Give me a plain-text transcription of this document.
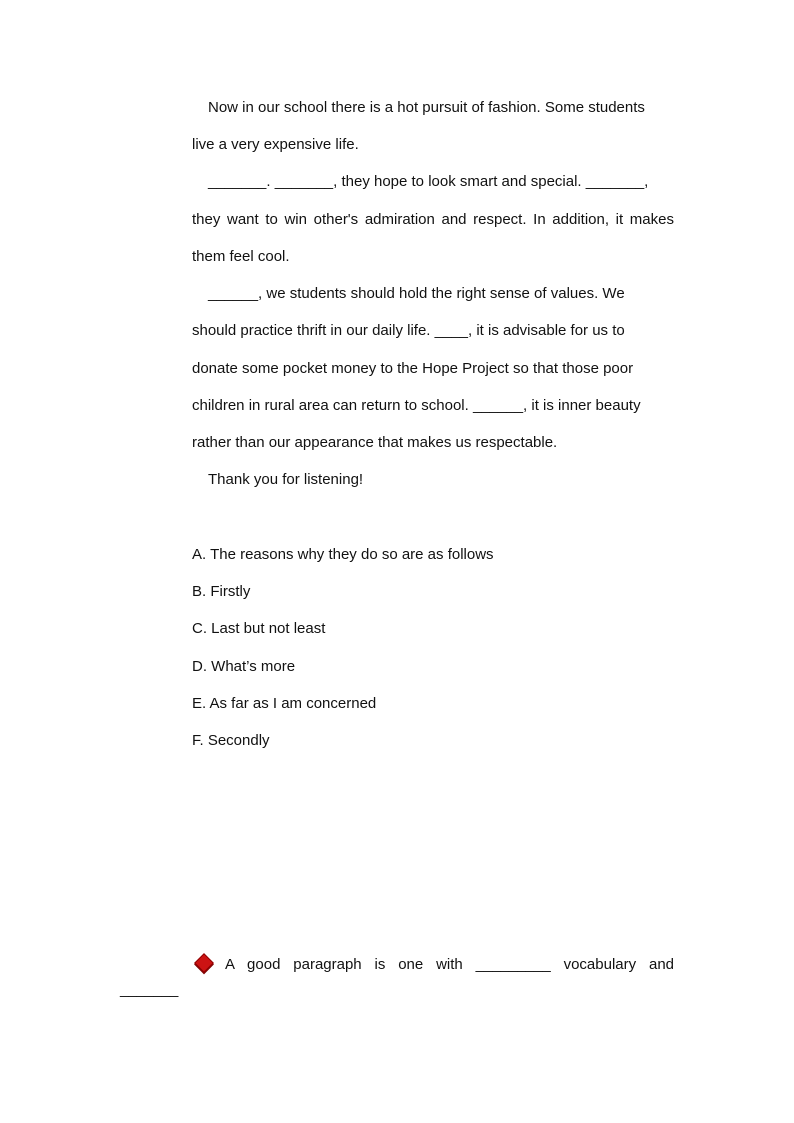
Now in our school there is a hot pursuit of fashion. Some students
live a very expensive life.
_______. _______, they hope to look smart and special. _______,
they want to win other's admiration and respect. In addition, it makes
them feel cool.
______, we students should hold the right sense of values. We
should practice thrift in our daily life. ____, it is advisable for us to
donate some pocket money to the Hope Project so that those poor
children in rural area can return to school. ______, it is inner beauty
rather than our appearance that makes us respectable.
Thank you for listening!
A. The reasons why they do so are as follows
B. Firstly
C. Last but not least
D. What’s more
E. As far as I am concerned
F. Secondly
A good paragraph is one with _________ vocabulary and
_______
